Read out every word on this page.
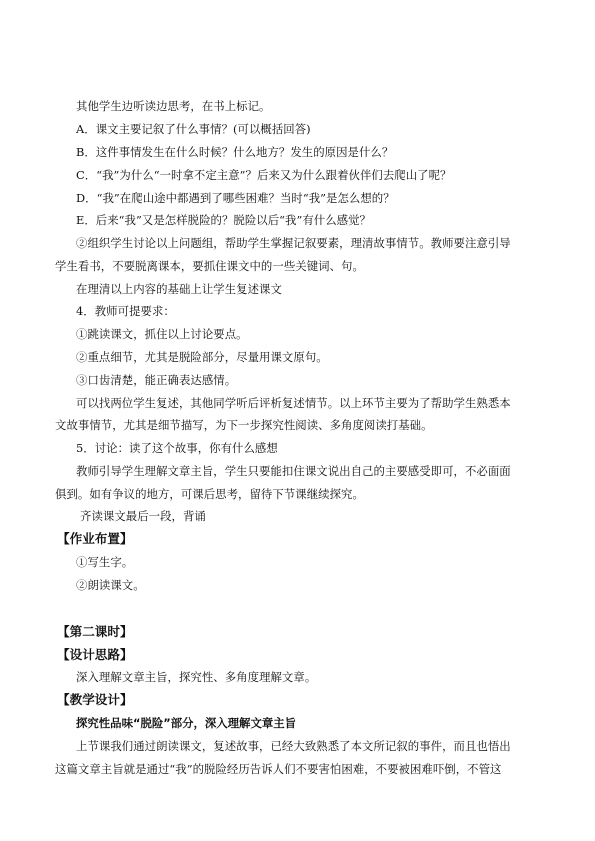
其他学生边听读边思考，在书上标记。
A．课文主要记叙了什么事情？(可以概括回答)
B．这件事情发生在什么时候？什么地方？发生的原因是什么？
C．“我”为什么“一时拿不定主意”？后来又为什么跟着伙伴们去爬山了呢？
D．“我”在爬山途中都遇到了哪些困难？当时“我”是怎么想的？
E．后来“我”又是怎样脱险的？脱险以后“我”有什么感觉？
②组织学生讨论以上问题组，帮助学生掌握记叙要素，理清故事情节。教师要注意引导
学生看书，不要脱离课本，要抓住课文中的一些关键词、句。
在理清以上内容的基础上让学生复述课文
4．教师可提要求：
①跳读课文，抓住以上讨论要点。
②重点细节，尤其是脱险部分，尽量用课文原句。
③口齿清楚，能正确表达感情。
可以找两位学生复述，其他同学听后评析复述情节。以上环节主要为了帮助学生熟悉本
文故事情节，尤其是细节描写，为下一步探究性阅读、多角度阅读打基础。
5．讨论：读了这个故事，你有什么感想
教师引导学生理解文章主旨，学生只要能扣住课文说出自己的主要感受即可，不必面面
俱到。如有争议的地方，可课后思考，留待下节课继续探究。
齐读课文最后一段，背诵
【作业布置】
①写生字。
②朗读课文。
【第二课时】
【设计思路】
深入理解文章主旨，探究性、多角度理解文章。
【教学设计】
探究性品味“脱险”部分，深入理解文章主旨
上节课我们通过朗读课文，复述故事，已经大致熟悉了本文所记叙的事件，而且也悟出
这篇文章主旨就是通过“我”的脱险经历告诉人们不要害怕困难，不要被困难吓倒，不管这
